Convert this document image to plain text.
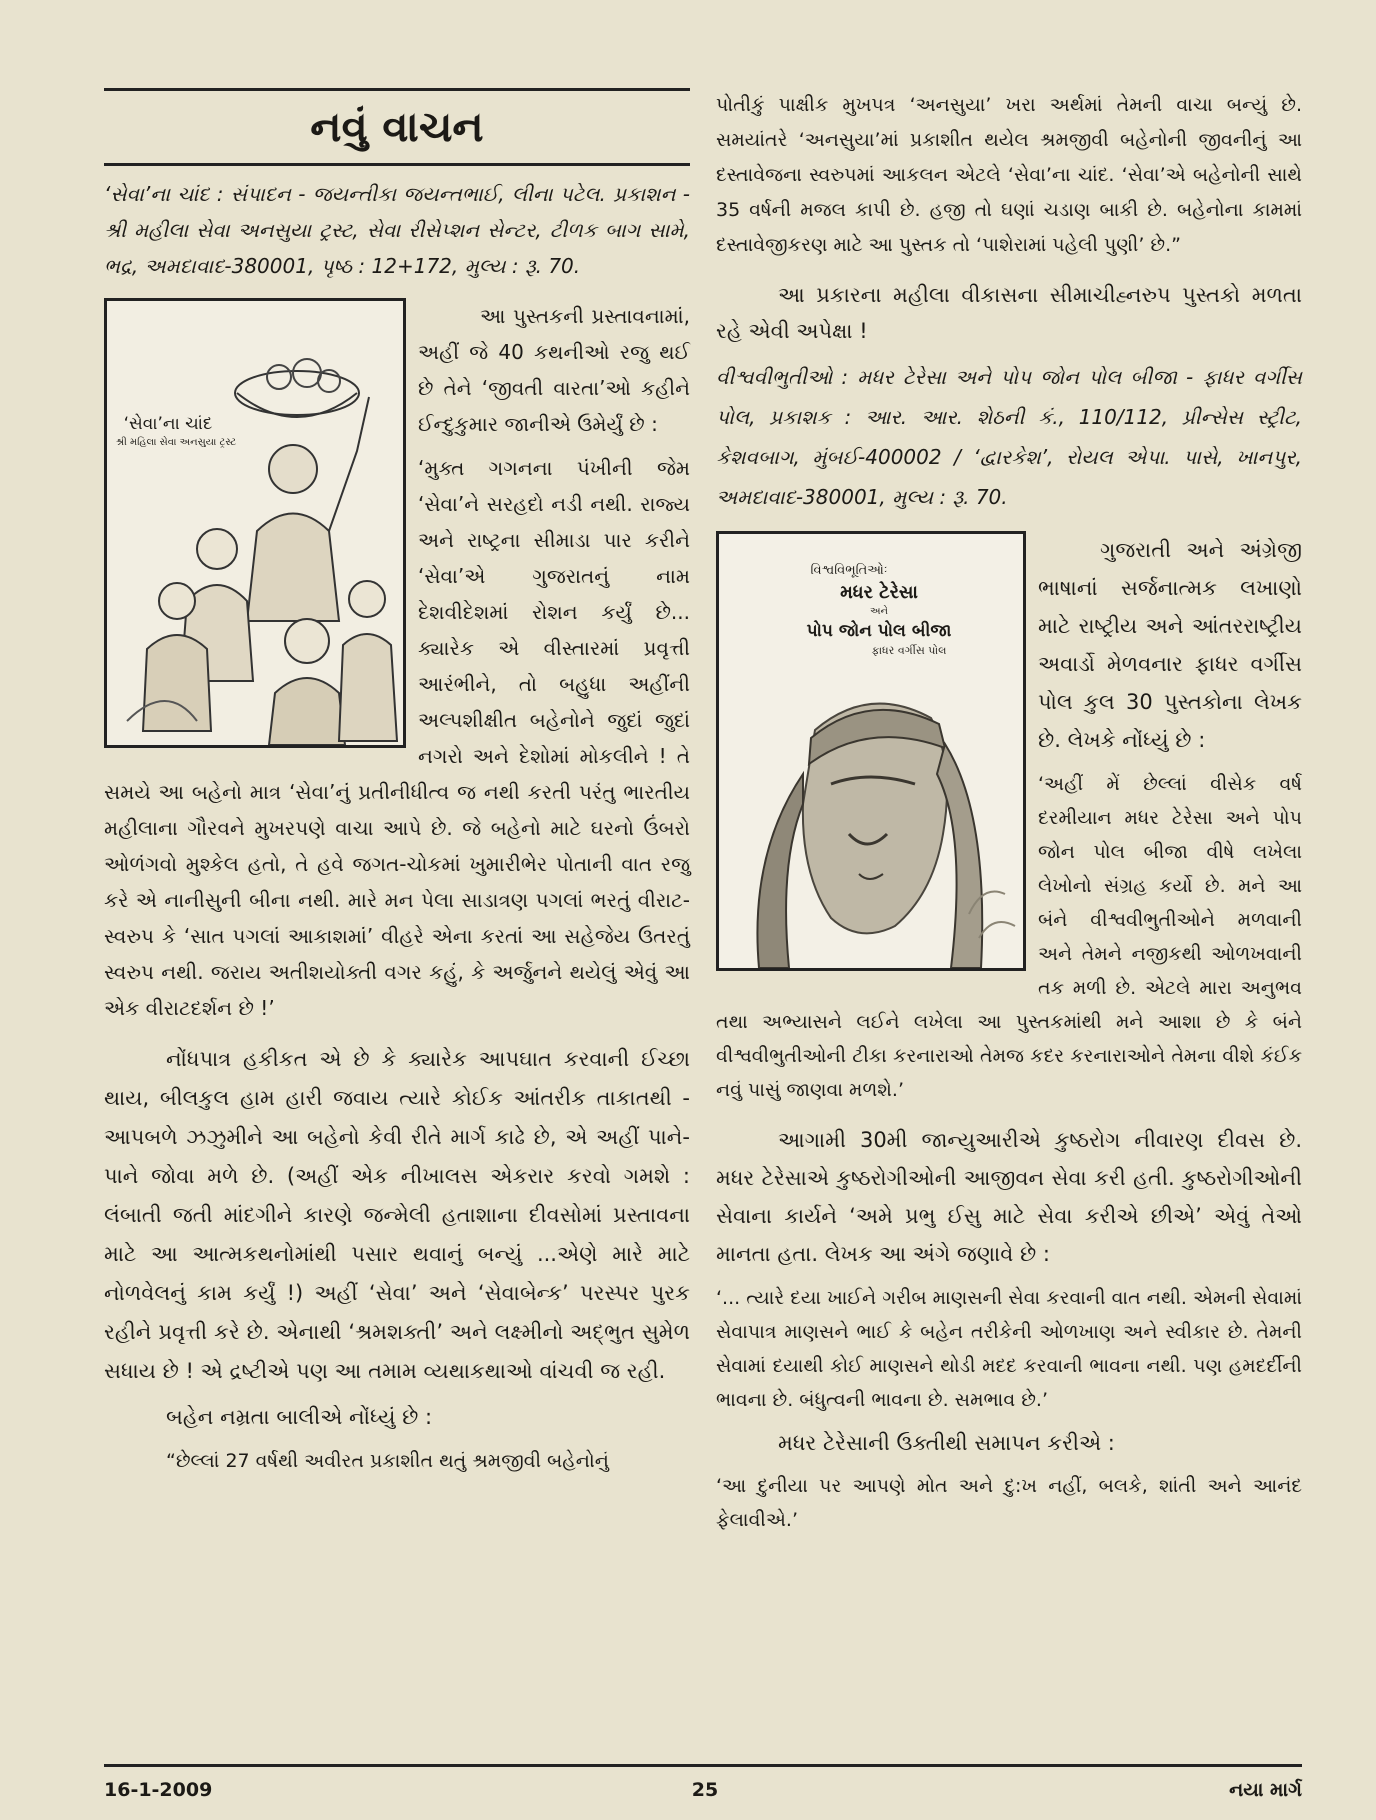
નવું વાચન

‘સેવા’ના ચાંદ : સંપાદન - જયન્તીકા જયન્તભાઈ, લીના પટેલ. પ્રકાશન - શ્રી મહીલા સેવા અનસુયા ટ્રસ્ટ, સેવા રીસેપ્શન સેન્ટર, ટીળક બાગ સામે, ભદ્ર, અમદાવાદ-380001, પૃષ્ઠ : 12+172, મુલ્ય : રૂ. 70.

‘સેવા’ના ચાંદ
શ્રી મહિલા સેવા અનસુયા ટ્રસ્ટ

આ પુસ્તકની પ્રસ્તાવનામાં, અહીં જે 40 કથનીઓ રજુ થઈ છે તેને ‘જીવતી વારતા’ઓ કહીને ઈન્દુકુમાર જાનીએ ઉમેર્યું છે :

‘મુક્ત ગગનના પંખીની જેમ ‘સેવા’ને સરહદો નડી નથી. રાજ્ય અને રાષ્ટ્રના સીમાડા પાર કરીને ‘સેવા’એ ગુજરાતનું નામ દેશવીદેશમાં રોશન કર્યું છે... ક્યારેક એ વીસ્તારમાં પ્રવૃત્તી આરંભીને, તો બહુધા અહીંની અલ્પશીક્ષીત બહેનોને જુદાં જુદાં નગરો અને દેશોમાં મોકલીને ! તે સમયે આ બહેનો માત્ર ‘સેવા’નું પ્રતીનીધીત્વ જ નથી કરતી પરંતુ ભારતીય મહીલાના ગૌરવને મુખરપણે વાચા આપે છે. જે બહેનો માટે ઘરનો ઉંબરો ઓળંગવો મુશ્કેલ હતો, તે હવે જગત-ચોકમાં ખુમારીભેર પોતાની વાત રજુ કરે એ નાનીસુની બીના નથી. મારે મન પેલા સાડાત્રણ પગલાં ભરતું વીરાટ-સ્વરુપ કે ‘સાત પગલાં આકાશમાં’ વીહરે એના કરતાં આ સહેજેય ઉતરતું સ્વરુપ નથી. જરાય અતીશયોક્તી વગર કહું, કે અર્જુનને થયેલું એવું આ એક વીરાટદર્શન છે !’

નોંધપાત્ર હકીકત એ છે કે ક્યારેક આપઘાત કરવાની ઈચ્છા થાય, બીલકુલ હામ હારી જવાય ત્યારે કોઈક આંતરીક તાકાતથી - આપબળે ઝઝુમીને આ બહેનો કેવી રીતે માર્ગ કાઢે છે, એ અહીં પાને-પાને જોવા મળે છે. (અહીં એક નીખાલસ એકરાર કરવો ગમશે : લંબાતી જતી માંદગીને કારણે જન્મેલી હતાશાના દીવસોમાં પ્રસ્તાવના માટે આ આત્મકથનોમાંથી પસાર થવાનું બન્યું ...એણે મારે માટે નોળવેલનું કામ કર્યું !) અહીં ‘સેવા’ અને ‘સેવાબેન્ક’ પરસ્પર પુરક રહીને પ્રવૃત્તી કરે છે. એનાથી ‘શ્રમશક્તી’ અને લક્ષ્મીનો અદ્ભુત સુમેળ સધાય છે ! એ દ્રષ્ટીએ પણ આ તમામ વ્યથાકથાઓ વાંચવી જ રહી.

બહેન નમ્રતા બાલીએ નોંધ્યું છે :

“છેલ્લાં 27 વર્ષથી અવીરત પ્રકાશીત થતું શ્રમજીવી બહેનોનું

પોતીકું પાક્ષીક મુખપત્ર ‘અનસુયા’ ખરા અર્થમાં તેમની વાચા બન્યું છે. સમયાંતરે ‘અનસુયા’માં પ્રકાશીત થયેલ શ્રમજીવી બહેનોની જીવનીનું આ દસ્તાવેજના સ્વરુપમાં આકલન એટલે ‘સેવા’ના ચાંદ. ‘સેવા’એ બહેનોની સાથે 35 વર્ષની મજલ કાપી છે. હજી તો ઘણાં ચડાણ બાકી છે. બહેનોના કામમાં દસ્તાવેજીકરણ માટે આ પુસ્તક તો ‘પાશેરામાં પહેલી પુણી’ છે.”

આ પ્રકારના મહીલા વીકાસના સીમાચીહ્નરુપ પુસ્તકો મળતા રહે એવી અપેક્ષા !

વીશ્વવીભુતીઓ : મધર ટેરેસા અને પોપ જોન પોલ બીજા - ફાધર વર્ગીસ પોલ, પ્રકાશક : આર. આર. શેઠની કં., 110/112, પ્રીન્સેસ સ્ટ્રીટ, કેશવબાગ, મુંબઈ-400002 / ‘દ્વારકેશ’, રોયલ એપા. પાસે, ખાનપુર, અમદાવાદ-380001, મુલ્ય : રૂ. 70.

વિશ્વવિભૂતિઓઃ
મધર ટેરેસા
અને
પોપ જોન પોલ બીજા
ફાધર વર્ગીસ પોલ

ગુજરાતી અને અંગ્રેજી ભાષાનાં સર્જનાત્મક લખાણો માટે રાષ્ટ્રીય અને આંતરરાષ્ટ્રીય અવાર્ડો મેળવનાર ફાધર વર્ગીસ પોલ કુલ 30 પુસ્તકોના લેખક છે. લેખકે નોંધ્યું છે :

‘અહીં મેં છેલ્લાં વીસેક વર્ષ દરમીયાન મધર ટેરેસા અને પોપ જોન પોલ બીજા વીષે લખેલા લેખોનો સંગ્રહ કર્યો છે. મને આ બંને વીશ્વવીભુતીઓને મળવાની અને તેમને નજીકથી ઓળખવાની તક મળી છે. એટલે મારા અનુભવ તથા અભ્યાસને લઈને લખેલા આ પુસ્તકમાંથી મને આશા છે કે બંને વીશ્વવીભુતીઓની ટીકા કરનારાઓ તેમજ કદર કરનારાઓને તેમના વીશે કંઈક નવું પાસું જાણવા મળશે.’

આગામી 30મી જાન્યુઆરીએ કુષ્ઠરોગ નીવારણ દીવસ છે. મધર ટેરેસાએ કુષ્ઠરોગીઓની આજીવન સેવા કરી હતી. કુષ્ઠરોગીઓની સેવાના કાર્યને ‘અમે પ્રભુ ઈસુ માટે સેવા કરીએ છીએ’ એવું તેઓ માનતા હતા. લેખક આ અંગે જણાવે છે :

‘... ત્યારે દયા ખાઈને ગરીબ માણસની સેવા કરવાની વાત નથી. એમની સેવામાં સેવાપાત્ર માણસને ભાઈ કે બહેન તરીકેની ઓળખાણ અને સ્વીકાર છે. તેમની સેવામાં દયાથી કોઈ માણસને થોડી મદદ કરવાની ભાવના નથી. પણ હમદર્દીની ભાવના છે. બંધુત્વની ભાવના છે. સમભાવ છે.’

મધર ટેરેસાની ઉક્તીથી સમાપન કરીએ :

‘આ દુનીયા પર આપણે મોત અને દુ:ખ નહીં, બલકે, શાંતી અને આનંદ ફેલાવીએ.’

16-1-2009	25	નયા માર્ગ
